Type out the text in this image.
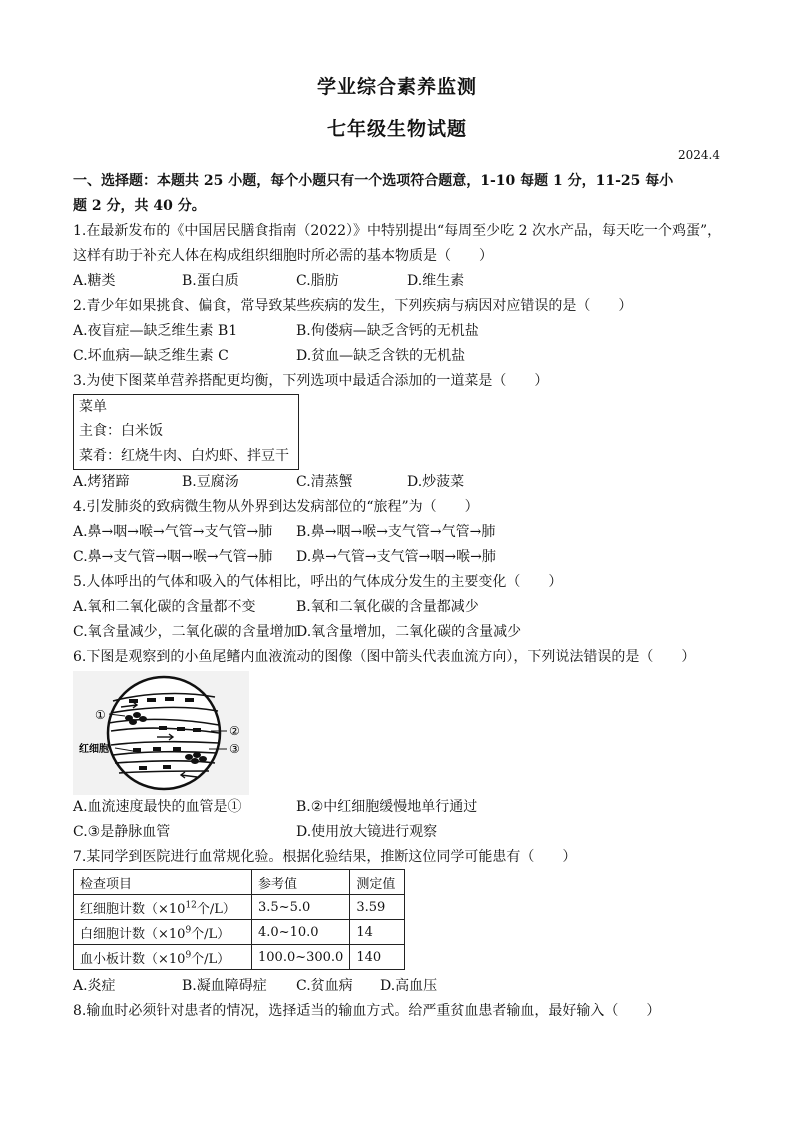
学业综合素养监测
七年级生物试题
2024.4
一、选择题：本题共 25 小题，每个小题只有一个选项符合题意，1-10 每题 1 分，11-25 每小
题 2 分，共 40 分。
1.在最新发布的《中国居民膳食指南（2022）》中特别提出“每周至少吃 2 次水产品，每天吃一个鸡蛋”，
这样有助于补充人体在构成组织细胞时所必需的基本物质是（　　）
A.糖类	B.蛋白质	C.脂肪	D.维生素
2.青少年如果挑食、偏食，常导致某些疾病的发生，下列疾病与病因对应错误的是（　　）
A.夜盲症—缺乏维生素 B1	B.佝偻病—缺乏含钙的无机盐
C.坏血病—缺乏维生素 C	D.贫血—缺乏含铁的无机盐
3.为使下图菜单营养搭配更均衡，下列选项中最适合添加的一道菜是（　　）
菜单
主食：白米饭
菜肴：红烧牛肉、白灼虾、拌豆干
A.烤猪蹄	B.豆腐汤	C.清蒸蟹	D.炒菠菜
4.引发肺炎的致病微生物从外界到达发病部位的“旅程”为（　　）
A.鼻→咽→喉→气管→支气管→肺 B.鼻→咽→喉→支气管→气管→肺
C.鼻→支气管→咽→喉→气管→肺 D.鼻→气管→支气管→咽→喉→肺
5.人体呼出的气体和吸入的气体相比，呼出的气体成分发生的主要变化（　　）
A.氧和二氧化碳的含量都不变	B.氧和二氧化碳的含量都减少
C.氧含量减少，二氧化碳的含量增加
D.氧含量增加，二氧化碳的含量减少
6.下图是观察到的小鱼尾鳍内血液流动的图像（图中箭头代表血流方向），下列说法错误的是（　　）
①
②
③
红细胞
A.血流速度最快的血管是①	B.②中红细胞缓慢地单行通过
C.③是静脉血管	D.使用放大镜进行观察
7.某同学到医院进行血常规化验。根据化验结果，推断这位同学可能患有（　　）
检查项目	参考值	测定值
红细胞计数（$\times 10^{12}$个/L）	3.5~5.0	3.59
白细胞计数（$\times 10^9$个/L）	4.0~10.0	14
血小板计数（$\times 10^9$个/L）	100.0~300.0	140
A.炎症	B.凝血障碍症 C.贫血病 D.高血压
8.输血时必须针对患者的情况，选择适当的输血方式。给严重贫血患者输血，最好输入（　　）
